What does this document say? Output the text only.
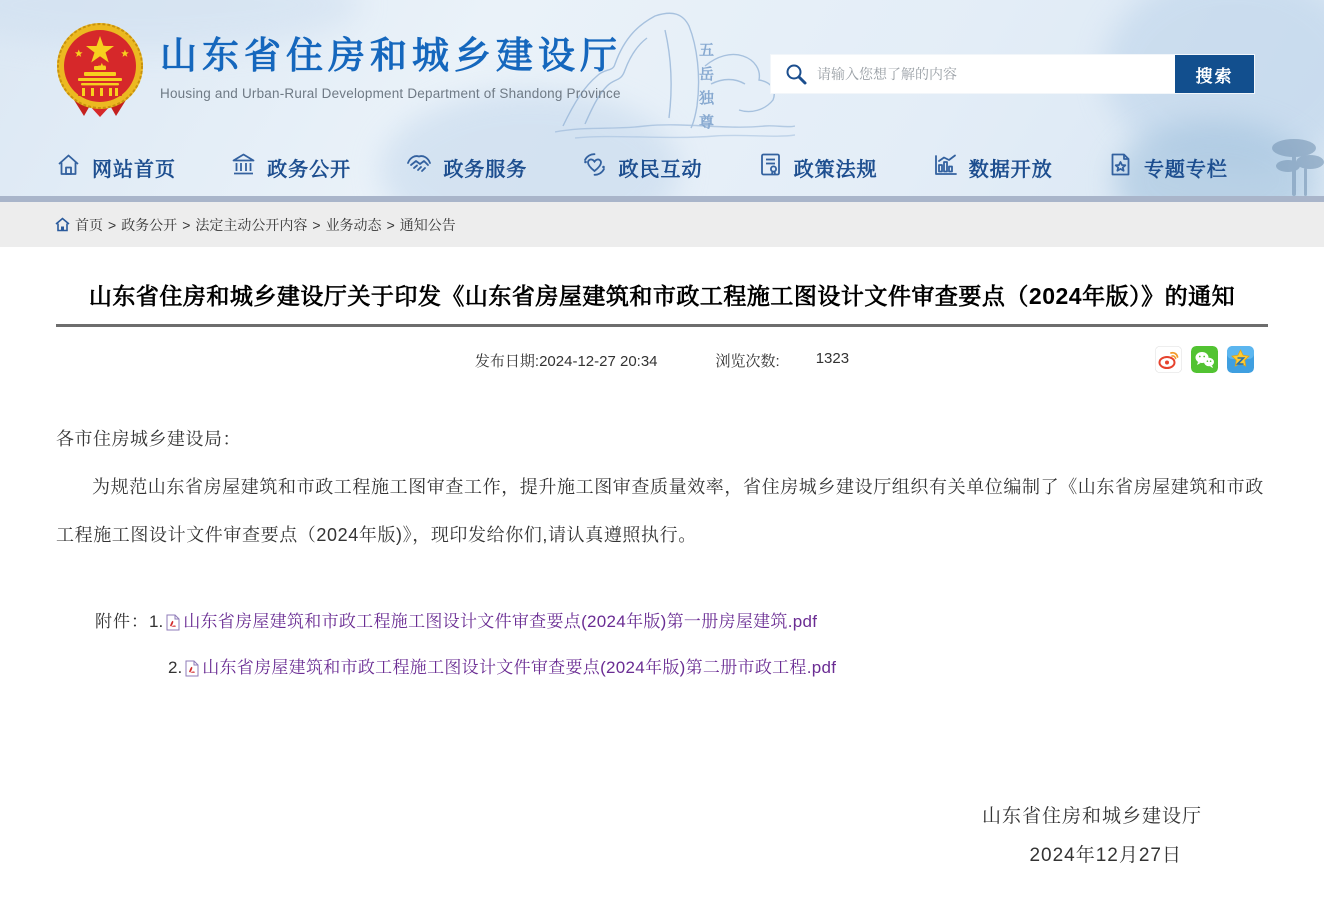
五岳独尊
山东省住房和城乡建设厅
Housing and Urban-Rural Development Department of Shandong Province
请输入您想了解的内容
搜索
网站首页	政务公开	政务服务	政民互动	政策法规	数据开放	专题专栏
首页 > 政务公开 > 法定主动公开内容 > 业务动态 > 通知公告
山东省住房和城乡建设厅关于印发《山东省房屋建筑和市政工程施工图设计文件审查要点（2024年版）》的通知
发布日期:2024-12-27 20:34	浏览次数: 1323
各市住房城乡建设局：

为规范山东省房屋建筑和市政工程施工图审查工作，提升施工图审查质量效率，省住房城乡建设厅组织有关单位编制了《山东省房屋建筑和市政工程施工图设计文件审查要点（2024年版)》，现印发给你们,请认真遵照执行。

附件： 1. 山东省房屋建筑和市政工程施工图设计文件审查要点(2024年版)第一册房屋建筑.pdf
2. 山东省房屋建筑和市政工程施工图设计文件审查要点(2024年版)第二册市政工程.pdf
山东省住房和城乡建设厅
2024年12月27日
